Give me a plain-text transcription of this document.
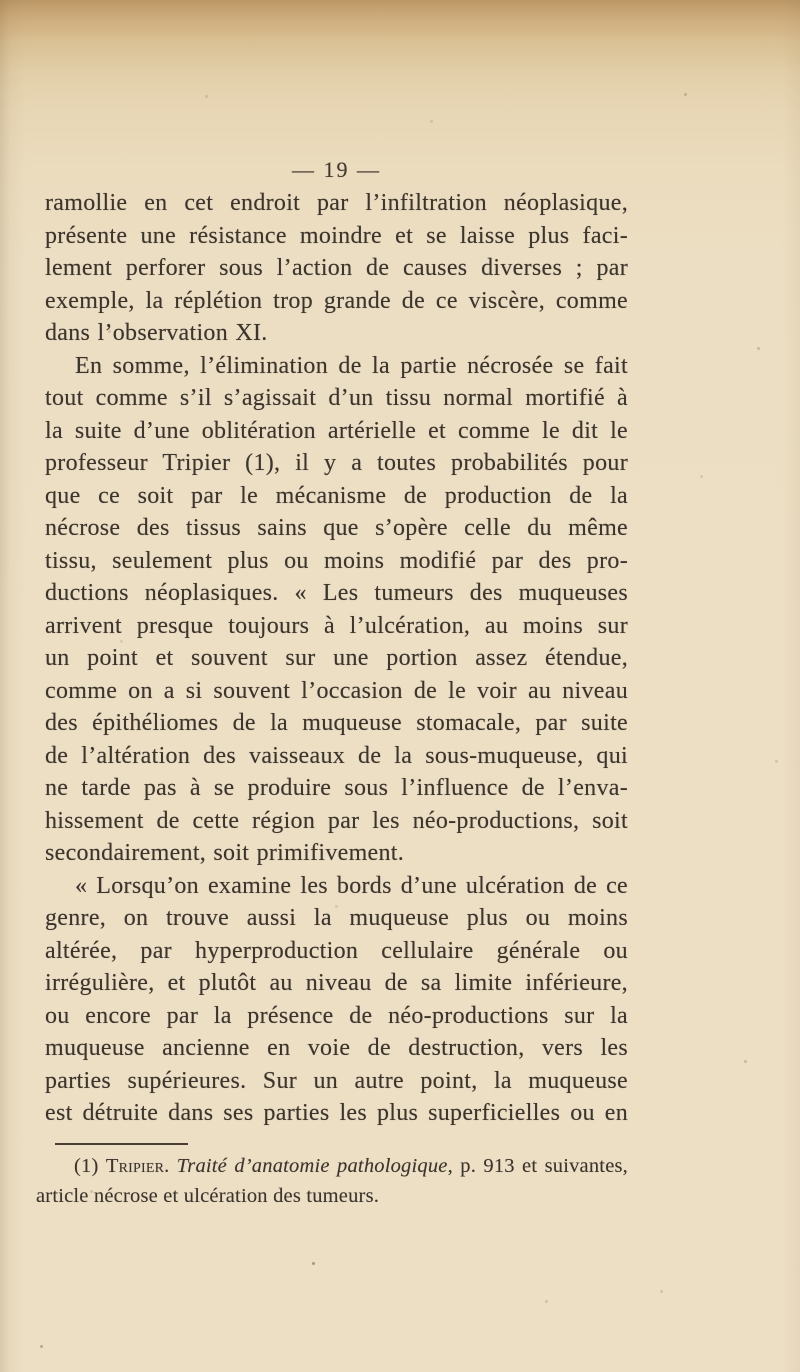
— 19 —
ramollie en cet endroit par l’infiltration néoplasique,
présente une résistance moindre et se laisse plus faci-
lement perforer sous l’action de causes diverses ; par
exemple, la réplétion trop grande de ce viscère, comme
dans l’observation XI.
En somme, l’élimination de la partie nécrosée se fait
tout comme s’il s’agissait d’un tissu normal mortifié à
la suite d’une oblitération artérielle et comme le dit le
professeur Tripier (1), il y a toutes probabilités pour
que ce soit par le mécanisme de production de la
nécrose des tissus sains que s’opère celle du même
tissu, seulement plus ou moins modifié par des pro-
ductions néoplasiques. « Les tumeurs des muqueuses
arrivent presque toujours à l’ulcération, au moins sur
un point et souvent sur une portion assez étendue,
comme on a si souvent l’occasion de le voir au niveau
des épithéliomes de la muqueuse stomacale, par suite
de l’altération des vaisseaux de la sous-muqueuse, qui
ne tarde pas à se produire sous l’influence de l’enva-
hissement de cette région par les néo-productions, soit
secondairement, soit primifivement.
« Lorsqu’on examine les bords d’une ulcération de ce
genre, on trouve aussi la muqueuse plus ou moins
altérée, par hyperproduction cellulaire générale ou
irrégulière, et plutôt au niveau de sa limite inférieure,
ou encore par la présence de néo-productions sur la
muqueuse ancienne en voie de destruction, vers les
parties supérieures. Sur un autre point, la muqueuse
est détruite dans ses parties les plus superficielles ou en
(1) Tripier. Traité d’anatomie pathologique, p. 913 et suivantes,
article nécrose et ulcération des tumeurs.
